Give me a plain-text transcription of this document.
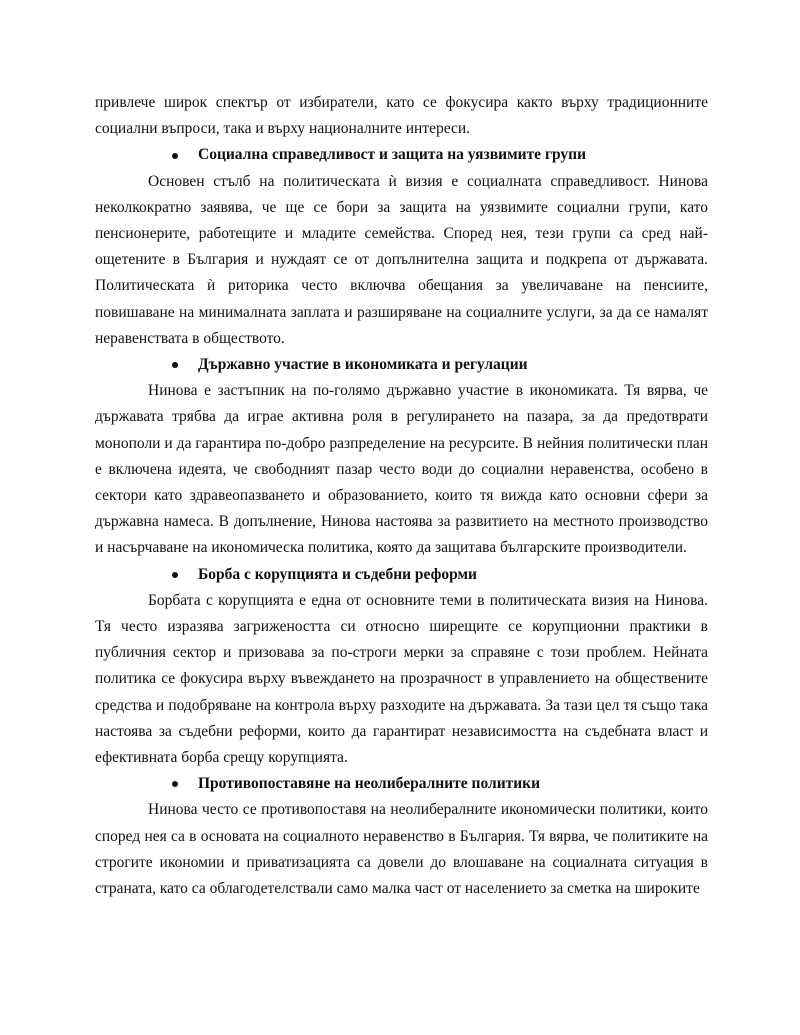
привлече широк спектър от избиратели, като се фокусира както върху традиционните социални въпроси, така и върху националните интереси.

Социална справедливост и защита на уязвимите групи

Основен стълб на политическата ѝ визия е социалната справедливост. Нинова неколкократно заявява, че ще се бори за защита на уязвимите социални групи, като пенсионерите, работещите и младите семейства. Според нея, тези групи са сред най-ощетените в България и нуждаят се от допълнителна защита и подкрепа от държавата. Политическата ѝ риторика често включва обещания за увеличаване на пенсиите, повишаване на минималната заплата и разширяване на социалните услуги, за да се намалят неравенствата в обществото.

Държавно участие в икономиката и регулации

Нинова е застъпник на по-голямо държавно участие в икономиката. Тя вярва, че държавата трябва да играе активна роля в регулирането на пазара, за да предотврати монополи и да гарантира по-добро разпределение на ресурсите. В нейния политически план е включена идеята, че свободният пазар често води до социални неравенства, особено в сектори като здравеопазването и образованието, които тя вижда като основни сфери за държавна намеса. В допълнение, Нинова настоява за развитието на местното производство и насърчаване на икономическа политика, която да защитава българските производители.

Борба с корупцията и съдебни реформи

Борбата с корупцията е една от основните теми в политическата визия на Нинова. Тя често изразява загрижеността си относно ширещите се корупционни практики в публичния сектор и призовава за по-строги мерки за справяне с този проблем. Нейната политика се фокусира върху въвеждането на прозрачност в управлението на обществените средства и подобряване на контрола върху разходите на държавата. За тази цел тя също така настоява за съдебни реформи, които да гарантират независимостта на съдебната власт и ефективната борба срещу корупцията.

Противопоставяне на неолибералните политики

Нинова често се противопоставя на неолибералните икономически политики, които според нея са в основата на социалното неравенство в България. Тя вярва, че политиките на строгите икономии и приватизацията са довели до влошаване на социалната ситуация в страната, като са облагодетелствали само малка част от населението за сметка на широките
